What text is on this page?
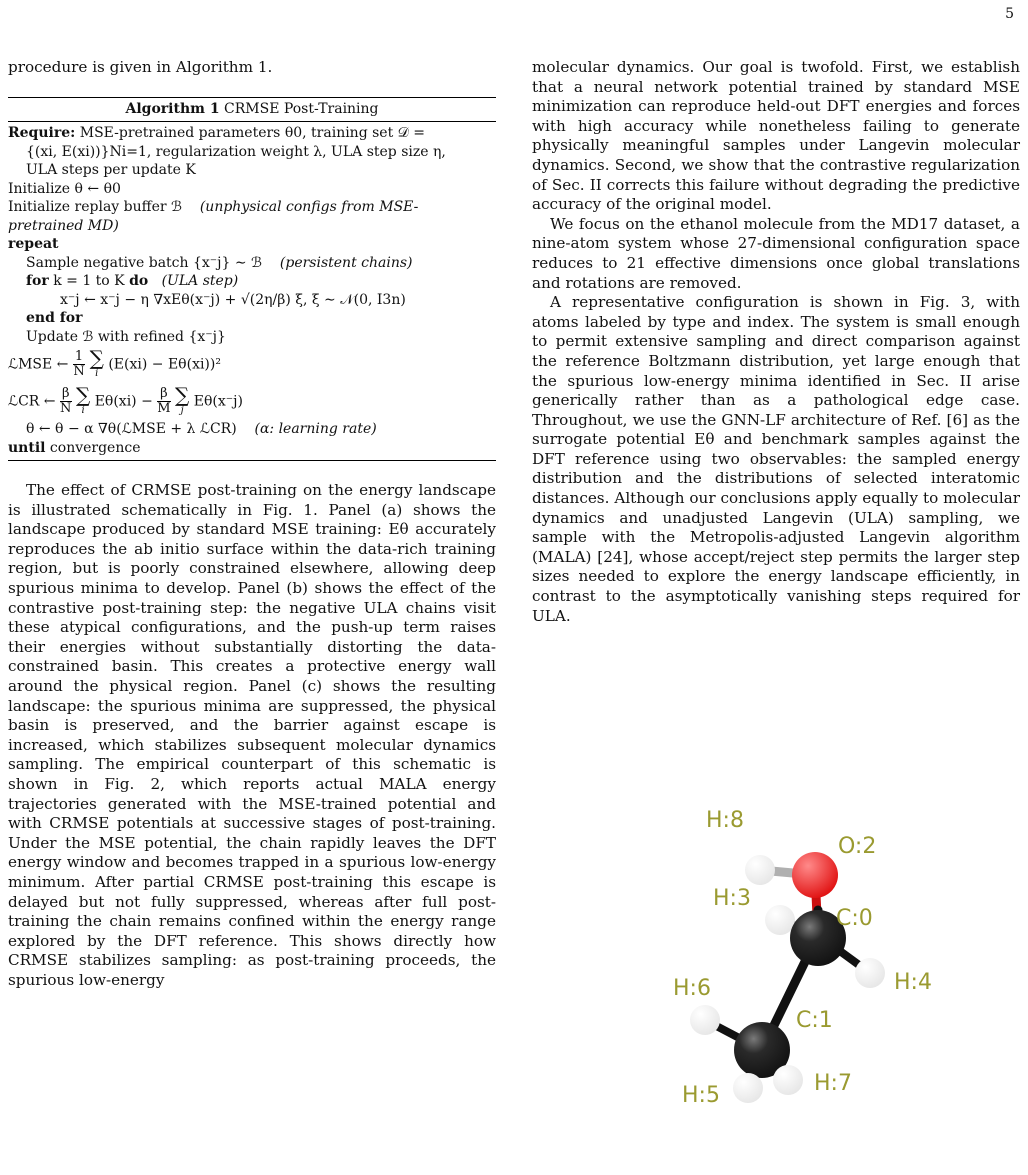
5

procedure is given in Algorithm 1.

Algorithm 1 CRMSE Post-Training
Require: MSE-pretrained parameters θ0, training set 𝒟 =
{(xi, E(xi))}Ni=1, regularization weight λ, ULA step size η,
ULA steps per update K
Initialize θ ← θ0
Initialize replay buffer ℬ (unphysical configs from MSE-
pretrained MD)
repeat
Sample negative batch {x⁻j} ∼ ℬ (persistent chains)
for k = 1 to K do (ULA step)
x⁻j ← x⁻j − η ∇xEθ(x⁻j) + √(2η/β) ξ, ξ ∼ 𝒩(0, I3n)
end for
Update ℬ with refined {x⁻j}
ℒMSE ← $\frac{1}{N}$
∑
i
(E(xi) − Eθ(xi))²
ℒCR ← $\frac{\beta}{N}$
∑
i
$E\theta(xi) - \frac{\beta}{M}$
∑
j
Eθ(x⁻j)
θ ← θ − α ∇θ(ℒMSE + λ ℒCR) (α: learning rate)
until convergence

The effect of CRMSE post-training on the energy landscape is illustrated schematically in Fig. 1. Panel (a) shows the landscape produced by standard MSE training: Eθ accurately reproduces the ab initio surface within the data-rich training region, but is poorly constrained elsewhere, allowing deep spurious minima to develop. Panel (b) shows the effect of the contrastive post-training step: the negative ULA chains visit these atypical configurations, and the push-up term raises their energies without substantially distorting the data-constrained basin. This creates a protective energy wall around the physical region. Panel (c) shows the resulting landscape: the spurious minima are suppressed, the physical basin is preserved, and the barrier against escape is increased, which stabilizes subsequent molecular dynamics sampling. The empirical counterpart of this schematic is shown in Fig. 2, which reports actual MALA energy trajectories generated with the MSE-trained potential and with CRMSE potentials at successive stages of post-training. Under the MSE potential, the chain rapidly leaves the DFT energy window and becomes trapped in a spurious low-energy minimum. After partial CRMSE post-training this escape is delayed but not fully suppressed, whereas after full post-training the chain remains confined within the energy range explored by the DFT reference. This shows directly how CRMSE stabilizes sampling: as post-training proceeds, the spurious low-energy

molecular dynamics. Our goal is twofold. First, we establish that a neural network potential trained by standard MSE minimization can reproduce held-out DFT energies and forces with high accuracy while nonetheless failing to generate physically meaningful samples under Langevin molecular dynamics. Second, we show that the contrastive regularization of Sec. II corrects this failure without degrading the predictive accuracy of the original model.

We focus on the ethanol molecule from the MD17 dataset, a nine-atom system whose 27-dimensional configuration space reduces to 21 effective dimensions once global translations and rotations are removed.

A representative configuration is shown in Fig. 3, with atoms labeled by type and index. The system is small enough to permit extensive sampling and direct comparison against the reference Boltzmann distribution, yet large enough that the spurious low-energy minima identified in Sec. II arise generically rather than as a pathological edge case. Throughout, we use the GNN-LF architecture of Ref. [6] as the surrogate potential Eθ and benchmark samples against the DFT reference using two observables: the sampled energy distribution and the distributions of selected interatomic distances. Although our conclusions apply equally to molecular dynamics and unadjusted Langevin (ULA) sampling, we sample with the Metropolis-adjusted Langevin algorithm (MALA) [24], whose accept/reject step permits the larger step sizes needed to explore the energy landscape efficiently, in contrast to the asymptotically vanishing steps required for ULA.

H:8
O:2
H:3
C:0
H:4
H:6
C:1
H:5	H:7
